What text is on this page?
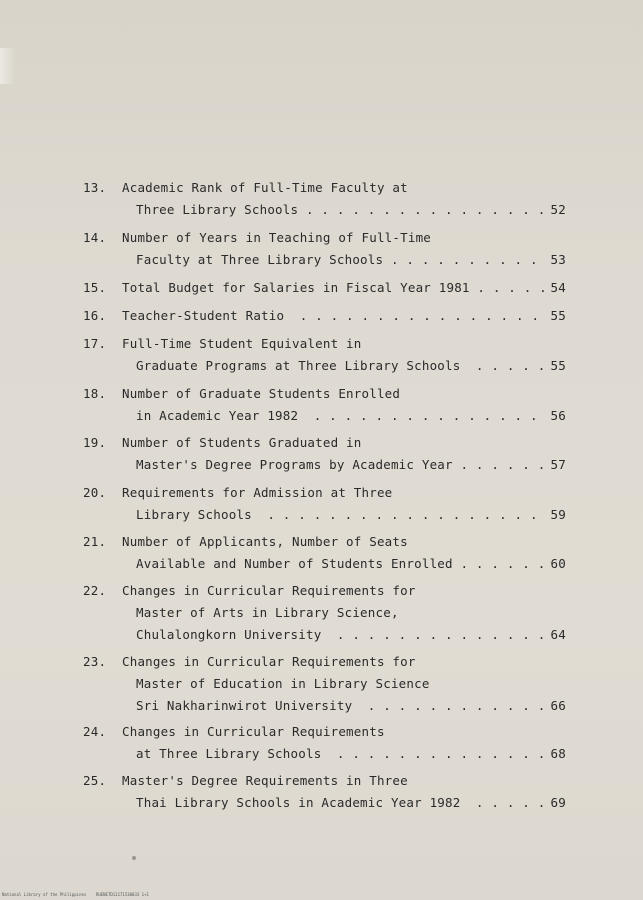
13. Academic Rank of Full-Time Faculty at
Three Library Schools . . . . . . . . . . . . . . . . 52
14. Number of Years in Teaching of Full-Time
Faculty at Three Library Schools . . . . . . . . . .	53
15. Total Budget for Salaries in Fiscal Year 1981 . . . . . 54
16. Teacher-Student Ratio  . . . . . . . . . . . . . . . . 55
17. Full-Time Student Equivalent in
Graduate Programs at Three Library Schools  . . . . . 55
18. Number of Graduate Students Enrolled
in Academic Year 1982  . . . . . . . . . . . . . . .	56
19. Number of Students Graduated in
Master's Degree Programs by Academic Year . . . . . . 57
20. Requirements for Admission at Three
Library Schools  . . . . . . . . . . . . . . . . . .	59
21. Number of Applicants, Number of Seats
Available and Number of Students Enrolled . . . . . . 60
22. Changes in Curricular Requirements for
Master of Arts in Library Science,
Chulalongkorn University  . . . . . . . . . . . . . . 64
23. Changes in Curricular Requirements for
Master of Education in Library Science
Sri Nakharinwirot University  . . . . . . . . . . . . 66
24. Changes in Curricular Requirements
at Three Library Schools  . . . . . . . . . . . . . . 68
25. Master's Degree Requirements in Three
Thai Library Schools in Academic Year 1982  . . . . . 69
National Library of the Philippines    RUENETD11171530033 1+1
